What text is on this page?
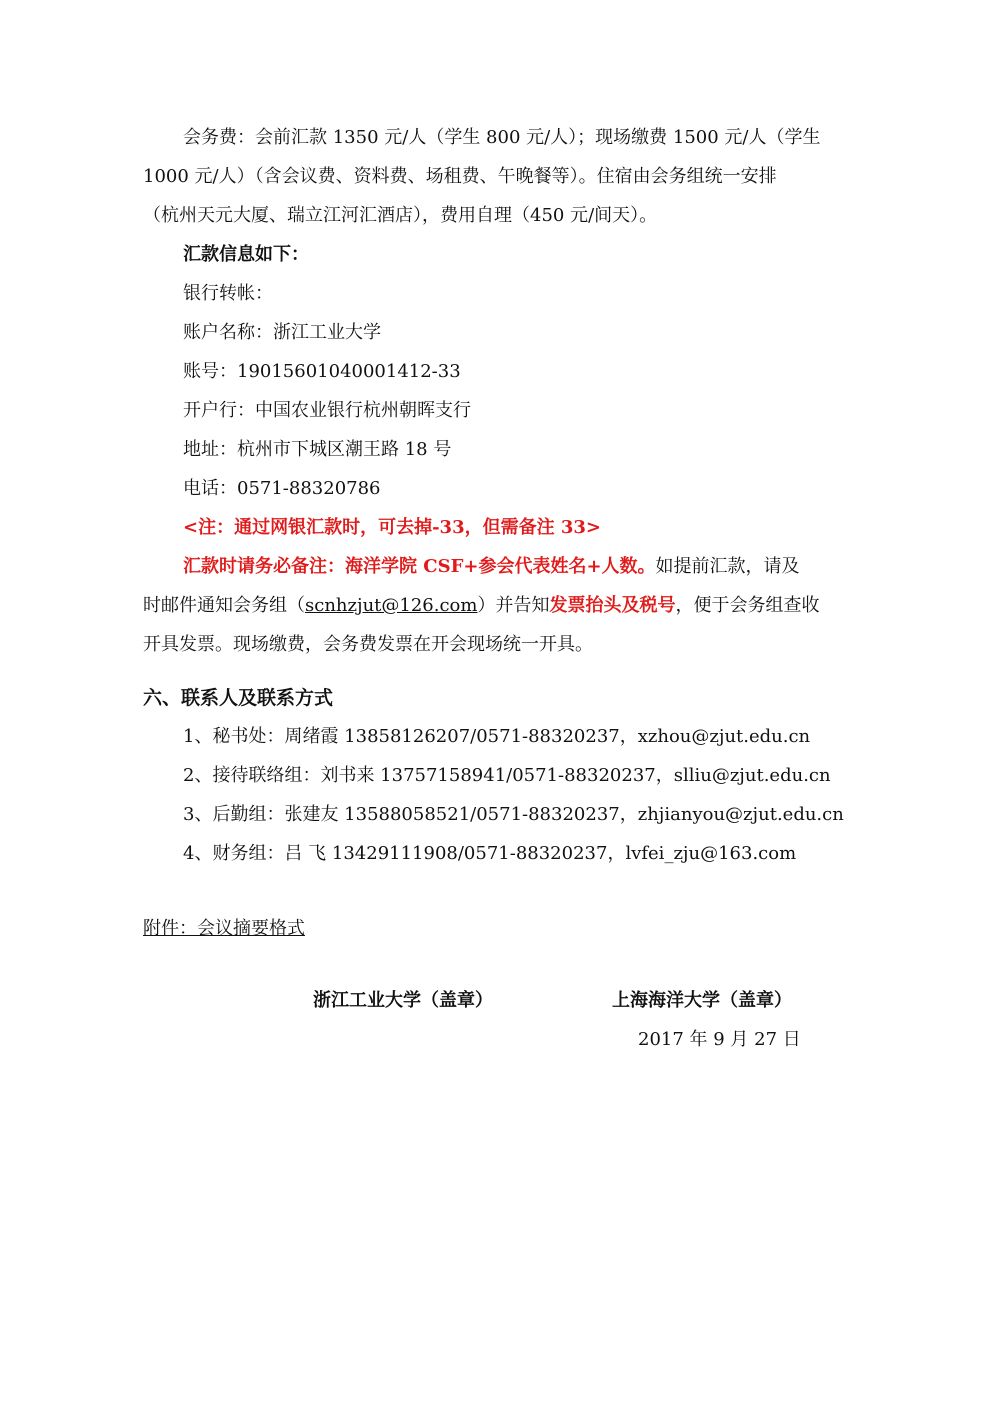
会务费：会前汇款 1350 元/人（学生 800 元/人）；现场缴费 1500 元/人（学生
1000 元/人）（含会议费、资料费、场租费、午晚餐等）。住宿由会务组统一安排
（杭州天元大厦、瑞立江河汇酒店），费用自理（450 元/间天）。
汇款信息如下：
银行转帐：
账户名称：浙江工业大学
账号：19015601040001412-33
开户行：中国农业银行杭州朝晖支行
地址：杭州市下城区潮王路 18 号
电话：0571-88320786
<注：通过网银汇款时，可去掉-33，但需备注 33>
汇款时请务必备注：海洋学院 CSF+参会代表姓名+人数。如提前汇款，请及
时邮件通知会务组（scnhzjut@126.com）并告知发票抬头及税号，便于会务组查收
开具发票。现场缴费，会务费发票在开会现场统一开具。
六、联系人及联系方式
1、秘书处：周绪霞 13858126207/0571-88320237，xzhou@zjut.edu.cn
2、接待联络组：刘书来 13757158941/0571-88320237，slliu@zjut.edu.cn
3、后勤组：张建友 13588058521/0571-88320237，zhjianyou@zjut.edu.cn
4、财务组：吕 飞 13429111908/0571-88320237，lvfei_zju@163.com
附件：会议摘要格式
浙江工业大学（盖章）	上海海洋大学（盖章）
2017 年 9 月 27 日
